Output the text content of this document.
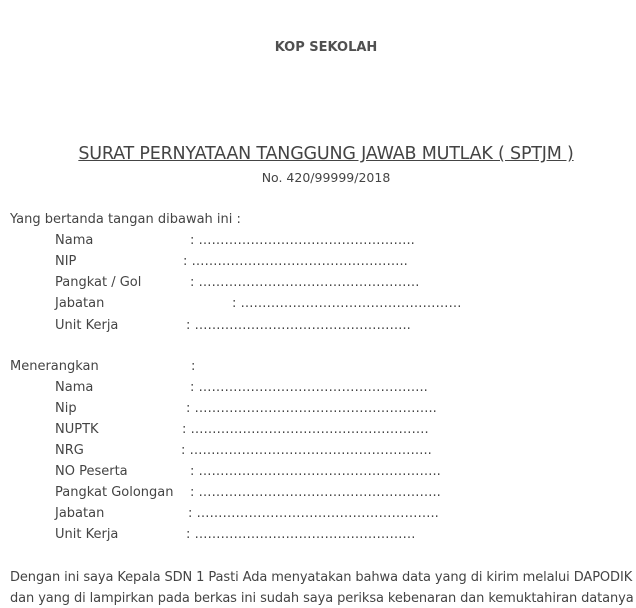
KOP SEKOLAH
SURAT PERNYATAAN TANGGUNG JAWAB MUTLAK ( SPTJM )
No. 420/99999/2018
Yang bertanda tangan dibawah ini :
Nama	: …………………………………………..
NIP	: …………………………………………..
Pangkat / Gol	: ……………………………………………
Jabatan	: ……………………………………………
Unit Kerja	: …………………………………………..
Menerangkan	:
Nama	: ……………………………………………..
Nip	: ………………………………………………..
NUPTK	: ……………………………………………….
NRG	: ………………………………………………..
NO Peserta	: ………………………………………………..
Pangkat Golongan : ………………………………………………..
Jabatan	: ………………………………………………..
Unit Kerja	: ……………………………………………
Dengan ini saya Kepala SDN 1 Pasti Ada menyatakan bahwa data yang di kirim melalui DAPODIK
dan yang di lampirkan pada berkas ini sudah saya periksa kebenaran dan kemuktahiran datanya
